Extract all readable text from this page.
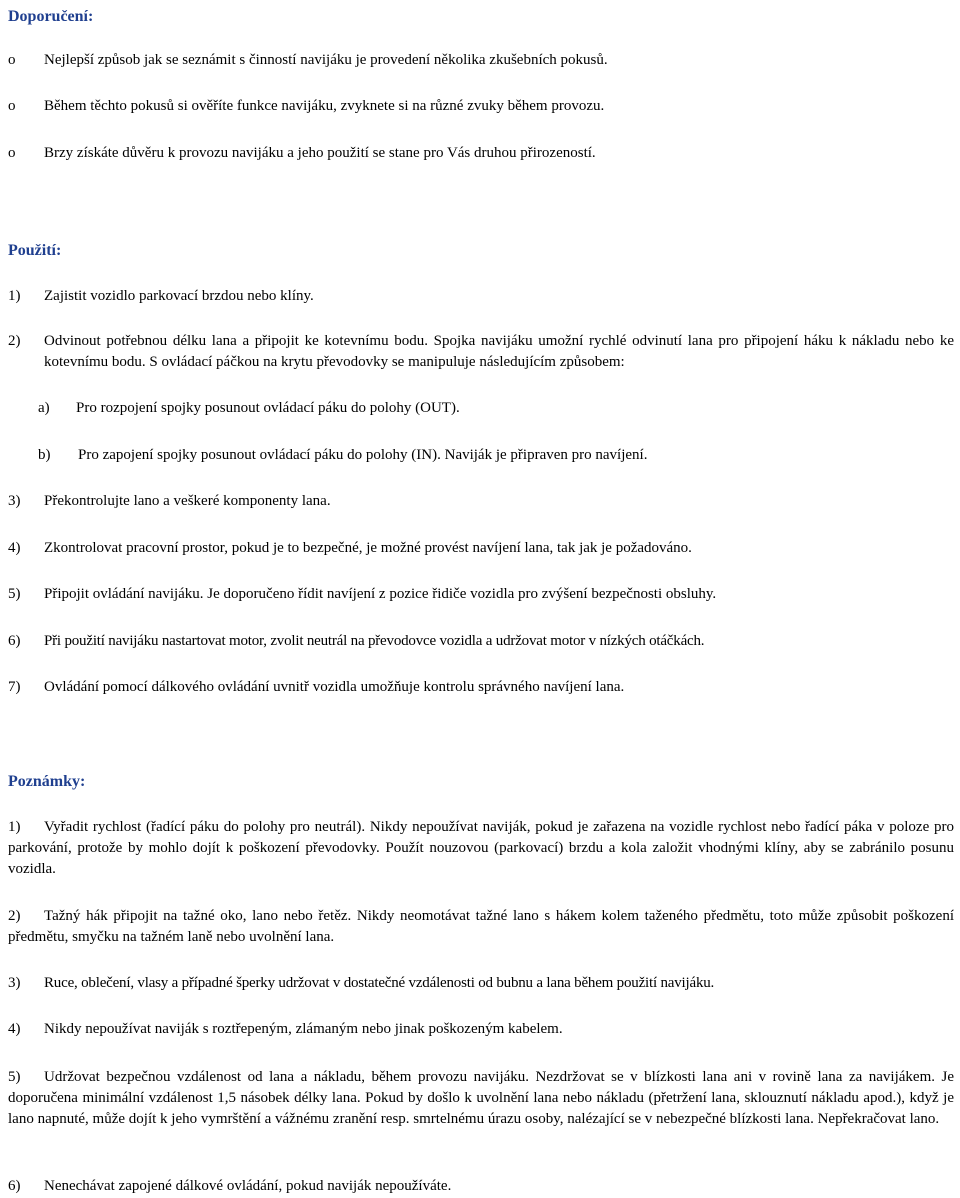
Doporučení:
o Nejlepší způsob jak se seznámit s činností navijáku je provedení několika zkušebních pokusů.
o Během těchto pokusů si ověříte funkce navijáku, zvyknete si na různé zvuky během provozu.
o Brzy získáte důvěru k provozu navijáku a jeho použití se stane pro Vás druhou přirozeností.
Použití:
1) Zajistit vozidlo parkovací brzdou nebo klíny.
2) Odvinout potřebnou délku lana a připojit ke kotevnímu bodu. Spojka navijáku umožní rychlé odvinutí lana pro připojení háku k nákladu nebo ke kotevnímu bodu. S ovládací páčkou na krytu převodovky se manipuluje následujícím způsobem:
a) Pro rozpojení spojky posunout ovládací páku do polohy (OUT).
b) Pro zapojení spojky posunout ovládací páku do polohy (IN). Naviják je připraven pro navíjení.
3) Překontrolujte lano a veškeré komponenty lana.
4) Zkontrolovat pracovní prostor, pokud je to bezpečné, je možné provést navíjení lana, tak jak je požadováno.
5) Připojit ovládání navijáku. Je doporučeno řídit navíjení z pozice řidiče vozidla pro zvýšení bezpečnosti obsluhy.
6) Při použití navijáku nastartovat motor, zvolit neutrál na převodovce vozidla a udržovat motor v nízkých otáčkách.
7) Ovládání pomocí dálkového ovládání uvnitř vozidla umožňuje kontrolu správného navíjení lana.
Poznámky:
1)	Vyřadit rychlost (řadící páku do polohy pro neutrál). Nikdy nepoužívat naviják, pokud je zařazena na vozidle rychlost nebo řadící páka v poloze pro parkování, protože by mohlo dojít k poškození převodovky. Použít nouzovou (parkovací) brzdu a kola založit vhodnými klíny, aby se zabránilo posunu vozidla.
2)	Tažný hák připojit na tažné oko, lano nebo řetěz. Nikdy neomotávat tažné lano s hákem kolem taženého předmětu, toto může způsobit poškození předmětu, smyčku na tažném laně nebo uvolnění lana.
3) Ruce, oblečení, vlasy a případné šperky udržovat v dostatečné vzdálenosti od bubnu a lana během použití navijáku.
4) Nikdy nepoužívat naviják s roztřepeným, zlámaným nebo jinak poškozeným kabelem.
5)	Udržovat bezpečnou vzdálenost od lana a nákladu, během provozu navijáku. Nezdržovat se v blízkosti lana ani v rovině lana za navijákem. Je doporučena minimální vzdálenost 1,5 násobek délky lana. Pokud by došlo k uvolnění lana nebo nákladu (přetržení lana, sklouznutí nákladu apod.), když je lano napnuté, může dojít k jeho vymrštění a vážnému zranění resp. smrtelnému úrazu osoby, nalézající se v nebezpečné blízkosti lana. Nepřekračovat lano.
6) Nenechávat zapojené dálkové ovládání, pokud naviják nepoužíváte.
